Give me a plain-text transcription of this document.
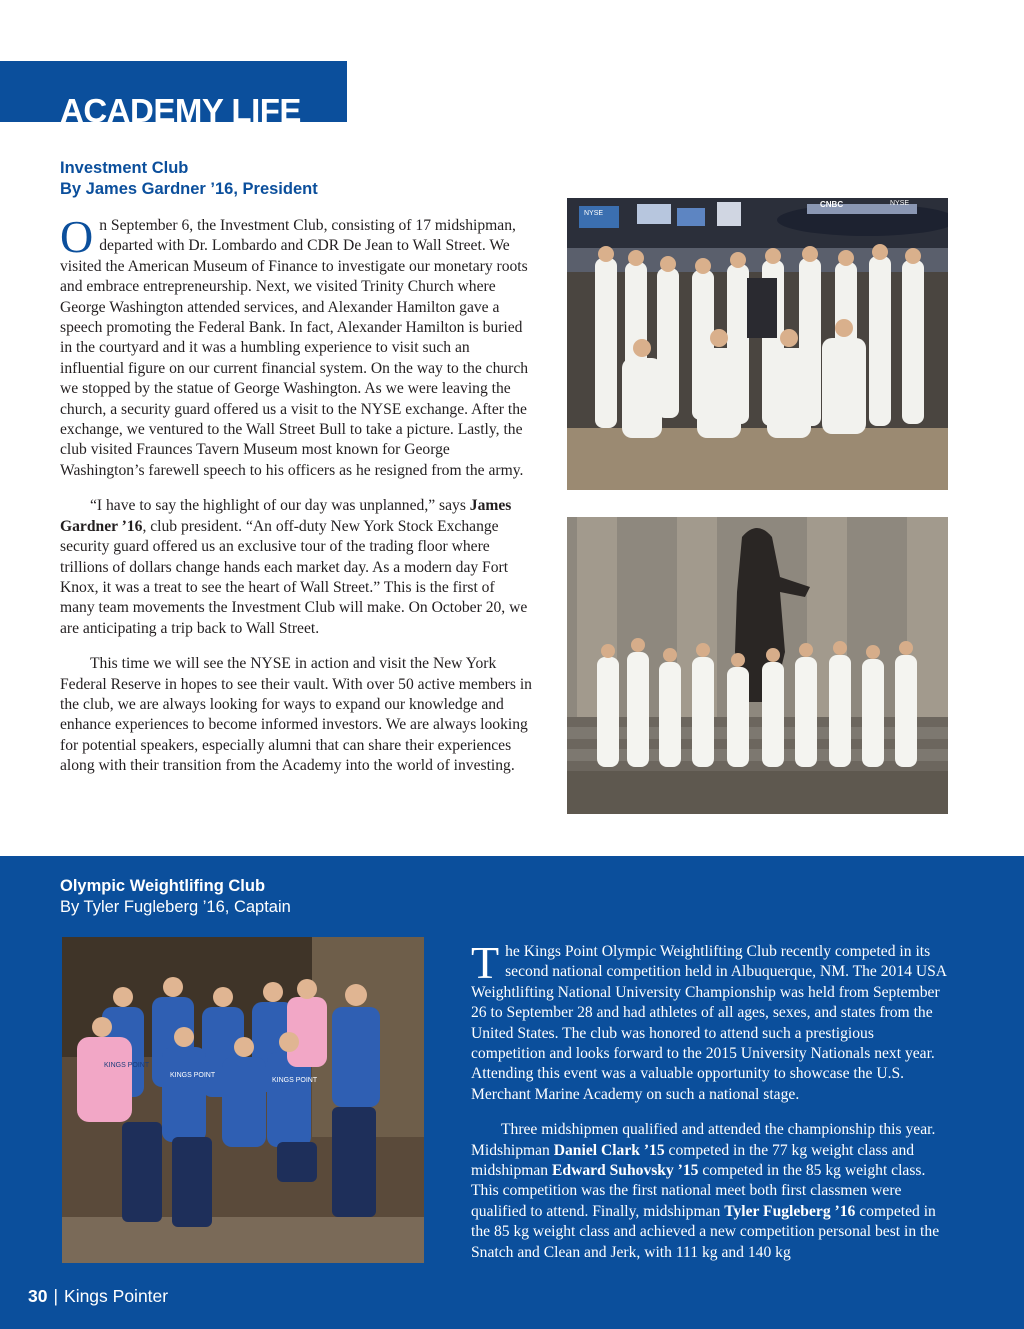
ACADEMY LIFE
Investment Club
By James Gardner ’16, President

On September 6, the Investment Club, consisting of 17 midshipman, departed with Dr. Lombardo and CDR De Jean to Wall Street. We visited the American Museum of Finance to investigate our monetary roots and embrace entrepreneurship. Next, we visited Trinity Church where George Washington attended services, and Alexander Hamilton gave a speech promoting the Federal Bank. In fact, Alexander Hamilton is buried in the courtyard and it was a humbling experience to visit such an influential figure on our current financial system. On the way to the church we stopped by the statue of George Washington. As we were leaving the church, a security guard offered us a visit to the NYSE exchange. After the exchange, we ventured to the Wall Street Bull to take a picture. Lastly, the club visited Fraunces Tavern Museum most known for George Washington’s farewell speech to his officers as he resigned from the army.

“I have to say the highlight of our day was unplanned,” says James Gardner ’16, club president. “An off-duty New York Stock Exchange security guard offered us an exclusive tour of the trading floor where trillions of dollars change hands each market day. As a modern day Fort Knox, it was a treat to see the heart of Wall Street.” This is the first of many team movements the Investment Club will make. On October 20, we are anticipating a trip back to Wall Street.

This time we will see the NYSE in action and visit the New York Federal Reserve in hopes to see their vault. With over 50 active members in the club, we are always looking for ways to expand our knowledge and enhance experiences to become informed investors. We are always looking for potential speakers, especially alumni that can share their experiences along with their transition from the Academy into the world of investing.

Olympic Weightlifing Club
By Tyler Fugleberg ’16, Captain
KINGS POINT
KINGS POINT
KINGS POINT

The Kings Point Olympic Weightlifting Club recently competed in its second national competition held in Albuquerque, NM. The 2014 USA Weightlifting National University Championship was held from September 26 to September 28 and had athletes of all ages, sexes, and states from the United States. The club was honored to attend such a prestigious competition and looks forward to the 2015 University Nationals next year. Attending this event was a valuable opportunity to showcase the U.S. Merchant Marine Academy on such a national stage.

Three midshipmen qualified and attended the championship this year. Midshipman Daniel Clark ’15 competed in the 77 kg weight class and midshipman Edward Suhovsky ’15 competed in the 85 kg weight class. This competition was the first national meet both first classmen were qualified to attend. Finally, midshipman Tyler Fugleberg ’16 competed in the 85 kg weight class and achieved a new competition personal best in the Snatch and Clean and Jerk, with 111 kg and 140 kg

30 | Kings Pointer
NYSE
CNBC	NYSE
